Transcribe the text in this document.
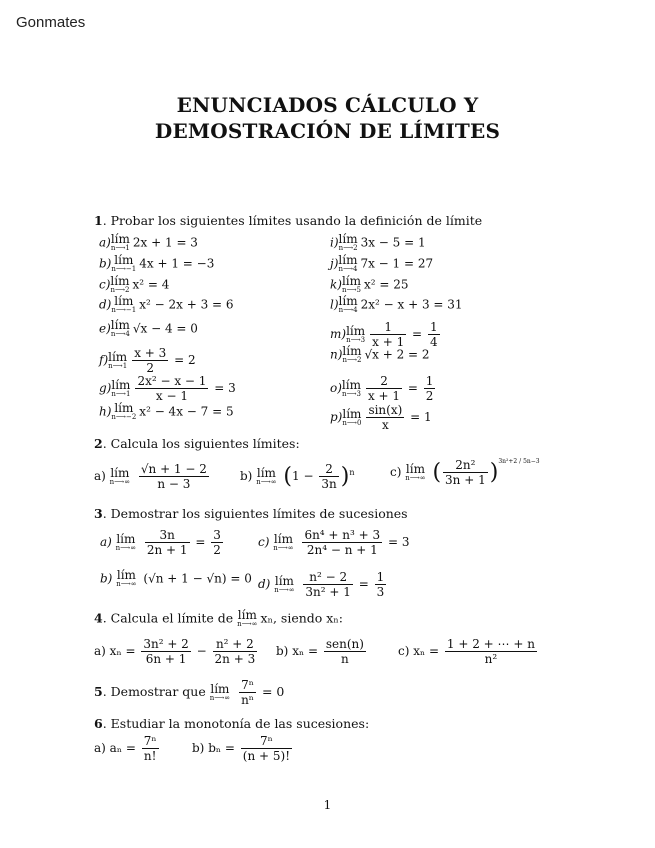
Gonmates
ENUNCIADOS CÁLCULO Y
DEMOSTRACIÓN DE LÍMITES
1. Probar los siguientes límites usando la definición de límite
a)lím
n⟶1 2x + 1 = 3
b) lím
n⟶−1 4x + 1 = −3
c)lím
n⟶2 x² = 4
d) lím
n⟶−1 x² − 2x + 3 = 6
e)lím
n⟶4 √x − 4 = 0
f)lím
n⟶1 $\frac{x + 3}{2} = 2$
g)lím
n⟶1 $\frac{\text{2x² − x − 1}}{x - 1} = 3$
h) lím
n⟶−2 x² − 4x − 7 = 5
i)lím
n⟶2 3x − 5 = 1
j)lím
n⟶4 7x − 1 = 27
k)lím
n⟶5 x² = 25
l)lím
n⟶4 2x² − x + 3 = 31
m)lím
n⟶3 $\frac{1}{x + 1} = \frac{1}{4}$
n)lím
n⟶2 √x + 2 = 2
o)lím
n⟶3 $\frac{2}{x + 1} = \frac{1}{2}$
p)lím
n⟶0 $\frac{\sin(x)}{x} = 1$
2. Calcula los siguientes límites:
a) lím
n⟶∞
$\frac{√n + 1 - 2}{n - 3}$	b) lím
n⟶∞ $(1 - \frac{2}{3n} )^n$	c) lím
n⟶∞ ( $\frac{\text{2n²}}{3n + 1} )^{3n^2+2 / 5n-3}$
3. Demostrar los siguientes límites de sucesiones
a) lím
n⟶∞
$\frac{3n}{2n + 1} = \frac{3}{2}$	c) lím
n⟶∞
$\frac{\text{6n⁴ + n³ + 3}}{\text{2n⁴ − n + 1}} = 3$
b) lím
n⟶∞ (√n + 1 − √n) = 0 d) lím
n⟶∞
$\frac{\text{n² − 2}}{\text{3n² + 1}} = \frac{1}{3}$
4. Calcula el límite de lím
n⟶∞ xₙ, siendo xₙ:
a) $x_n = \frac{\text{3n² + 2}}{6n + 1} - \frac{\text{n² + 2}}{2n + 3} b$) $x_n = \frac{\text{sen(n)}}{n}$	c) $x_n = \frac{1 + 2 + \cdots + n}{\text{n²}}$
5. Demostrar que lím
n⟶∞
$\frac{\text{7ⁿ}}{\text{nⁿ}} = 0$
6. Estudiar la monotonía de las sucesiones:
a) $a_n = \frac{\text{7ⁿ}}{n!}$	b) $b_n = \frac{\text{7ⁿ}}{(n + 5)!}$
1
